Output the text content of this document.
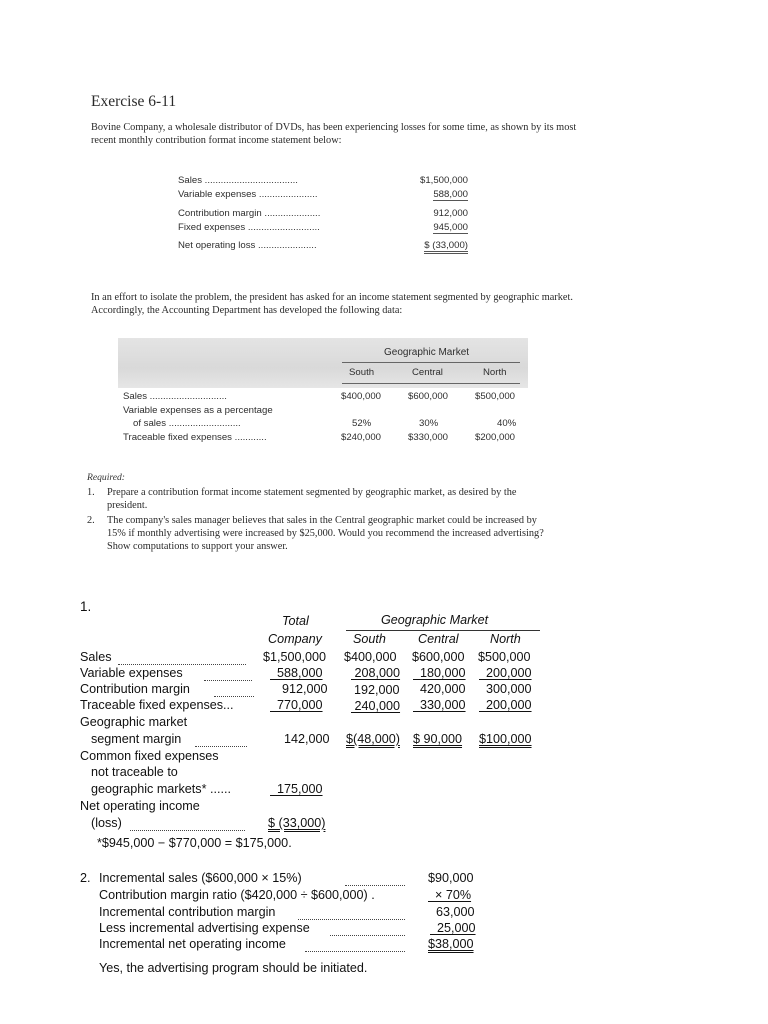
Exercise 6-11
Bovine Company, a wholesale distributor of DVDs, has been experiencing losses for some time, as shown by its most recent monthly contribution format income statement below:
Sales ...................................	$1,500,000
Variable expenses ......................	588,000
Contribution margin .....................	912,000
Fixed expenses ...........................	945,000
Net operating loss ......................	$ (33,000)
In an effort to isolate the problem, the president has asked for an income statement segmented by geographic market. Accordingly, the Accounting Department has developed the following data:
Geographic Market
South	Central	North
Sales .............................	$400,000	$600,000	$500,000
Variable expenses as a percentage
of sales ...........................	52%	30%	40%
Traceable fixed expenses ............	$240,000	$330,000	$200,000
Required:
1. Prepare a contribution format income statement segmented by geographic market, as desired by the president.
2. The company's sales manager believes that sales in the Central geographic market could be increased by 15% if monthly advertising were increased by $25,000. Would you recommend the increased advertising? Show computations to support your answer.
1.
Total	Geographic Market
Company South	Central North
Sales	$1,500,000 $400,000 $600,000 $500,000
Variable expenses	588,000	208,000	180,000	200,000
Contribution margin	912,000 192,000 420,000 300,000
Traceable fixed expenses...	770,000	240,000	330,000	200,000
Geographic market
segment margin	142,000 $(48,000) $ 90,000 $100,000
Common fixed expenses
not traceable to
geographic markets* ......	175,000
Net operating income
(loss)	$ (33,000)
*$945,000 − $770,000 = $175,000.
2. Incremental sales ($600,000 × 15%)	$90,000
Contribution margin ratio ($420,000 ÷ $600,000) .	× 70%
Incremental contribution margin	63,000
Less incremental advertising expense	25,000
Incremental net operating income	$38,000
Yes, the advertising program should be initiated.
